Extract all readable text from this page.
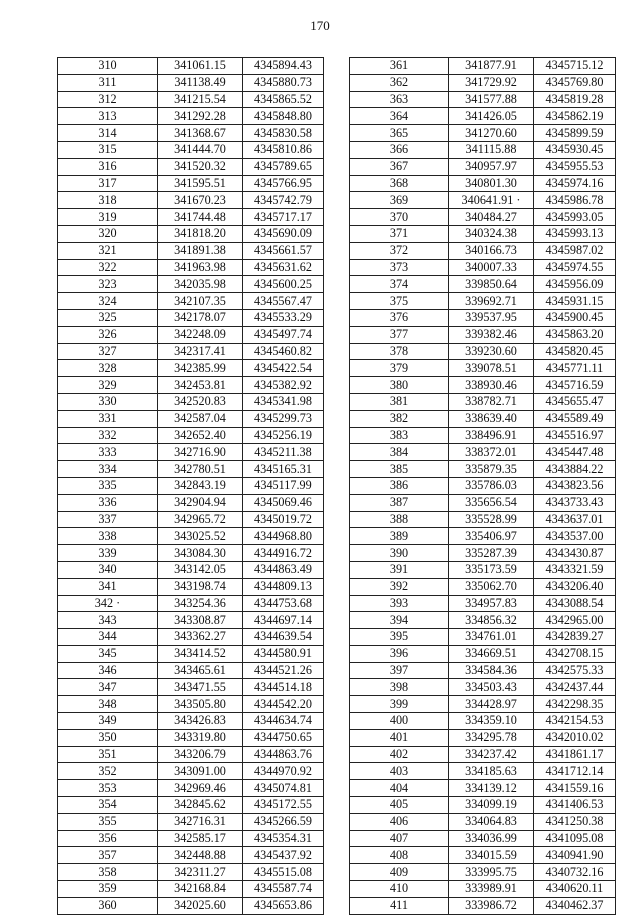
170
310	341061.15	4345894.43
311	341138.49	4345880.73
312	341215.54	4345865.52
313	341292.28	4345848.80
314	341368.67	4345830.58
315	341444.70	4345810.86
316	341520.32	4345789.65
317	341595.51	4345766.95
318	341670.23	4345742.79
319	341744.48	4345717.17
320	341818.20	4345690.09
321	341891.38	4345661.57
322	341963.98	4345631.62
323	342035.98	4345600.25
324	342107.35	4345567.47
325	342178.07	4345533.29
326	342248.09	4345497.74
327	342317.41	4345460.82
328	342385.99	4345422.54
329	342453.81	4345382.92
330	342520.83	4345341.98
331	342587.04	4345299.73
332	342652.40	4345256.19
333	342716.90	4345211.38
334	342780.51	4345165.31
335	342843.19	4345117.99
336	342904.94	4345069.46
337	342965.72	4345019.72
338	343025.52	4344968.80
339	343084.30	4344916.72
340	343142.05	4344863.49
341	343198.74	4344809.13
342 ·	343254.36	4344753.68
343	343308.87	4344697.14
344	343362.27	4344639.54
345	343414.52	4344580.91
346	343465.61	4344521.26
347	343471.55	4344514.18
348	343505.80	4344542.20
349	343426.83	4344634.74
350	343319.80	4344750.65
351	343206.79	4344863.76
352	343091.00	4344970.92
353	342969.46	4345074.81
354	342845.62	4345172.55
355	342716.31	4345266.59
356	342585.17	4345354.31
357	342448.88	4345437.92
358	342311.27	4345515.08
359	342168.84	4345587.74
360	342025.60	4345653.86
361	341877.91	4345715.12
362	341729.92	4345769.80
363	341577.88	4345819.28
364	341426.05	4345862.19
365	341270.60	4345899.59
366	341115.88	4345930.45
367	340957.97	4345955.53
368	340801.30	4345974.16
369	340641.91 ·	4345986.78
370	340484.27	4345993.05
371	340324.38	4345993.13
372	340166.73	4345987.02
373	340007.33	4345974.55
374	339850.64	4345956.09
375	339692.71	4345931.15
376	339537.95	4345900.45
377	339382.46	4345863.20
378	339230.60	4345820.45
379	339078.51	4345771.11
380	338930.46	4345716.59
381	338782.71	4345655.47
382	338639.40	4345589.49
383	338496.91	4345516.97
384	338372.01	4345447.48
385	335879.35	4343884.22
386	335786.03	4343823.56
387	335656.54	4343733.43
388	335528.99	4343637.01
389	335406.97	4343537.00
390	335287.39	4343430.87
391	335173.59	4343321.59
392	335062.70	4343206.40
393	334957.83	4343088.54
394	334856.32	4342965.00
395	334761.01	4342839.27
396	334669.51	4342708.15
397	334584.36	4342575.33
398	334503.43	4342437.44
399	334428.97	4342298.35
400	334359.10	4342154.53
401	334295.78	4342010.02
402	334237.42	4341861.17
403	334185.63	4341712.14
404	334139.12	4341559.16
405	334099.19	4341406.53
406	334064.83	4341250.38
407	334036.99	4341095.08
408	334015.59	4340941.90
409	333995.75	4340732.16
410	333989.91	4340620.11
411	333986.72	4340462.37
